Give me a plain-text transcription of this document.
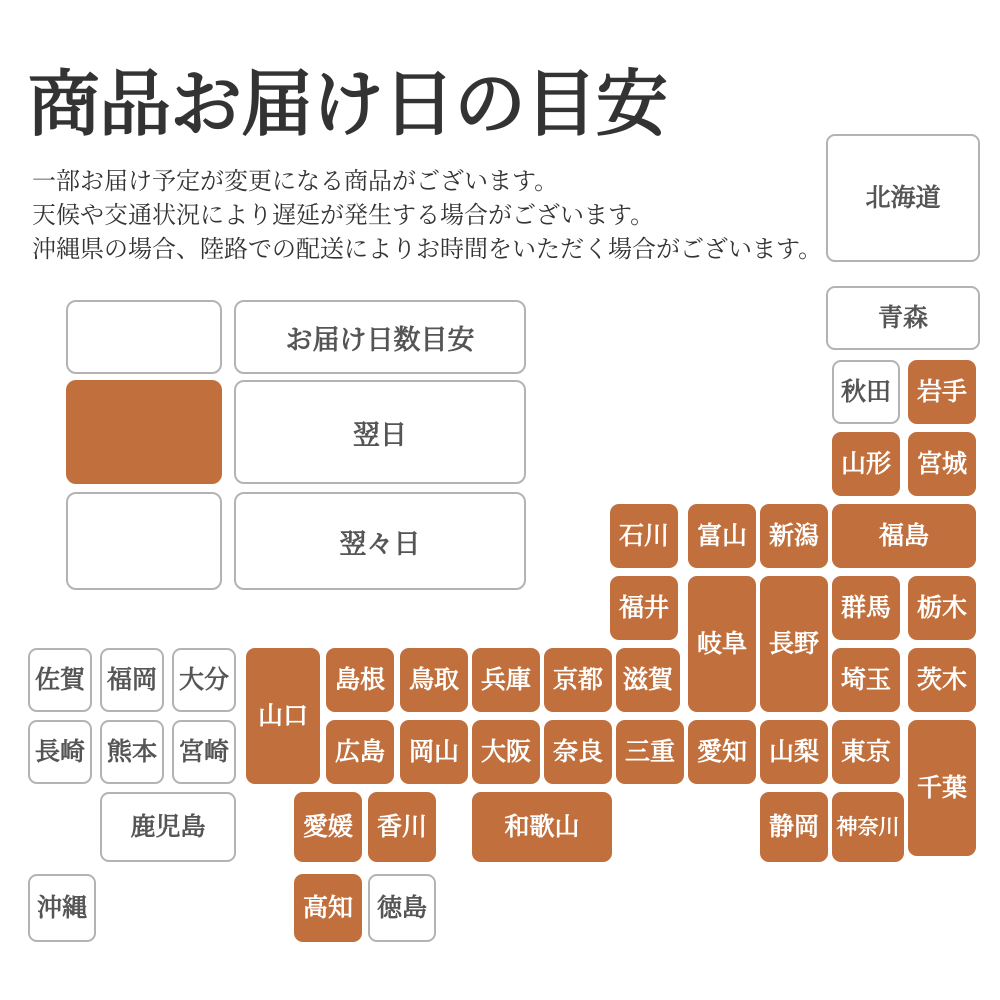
商品お届け日の目安
一部お届け予定が変更になる商品がございます。
天候や交通状況により遅延が発生する場合がございます。
沖縄県の場合、陸路での配送によりお時間をいただく場合がございます。
お届け日数目安
翌日
翌々日
北海道
青森
秋田	岩手
山形	宮城
石川	富山 新潟	福島
福井
岐阜 長野
群馬	栃木
佐賀 福岡 大分
山口
島根 鳥取 兵庫 京都 滋賀	埼玉	茨木
長崎 熊本 宮崎	広島 岡山 大阪 奈良 三重 愛知 山梨 東京
千葉
鹿児島	愛媛 香川	和歌山	静岡 神奈川
沖縄	高知 徳島
